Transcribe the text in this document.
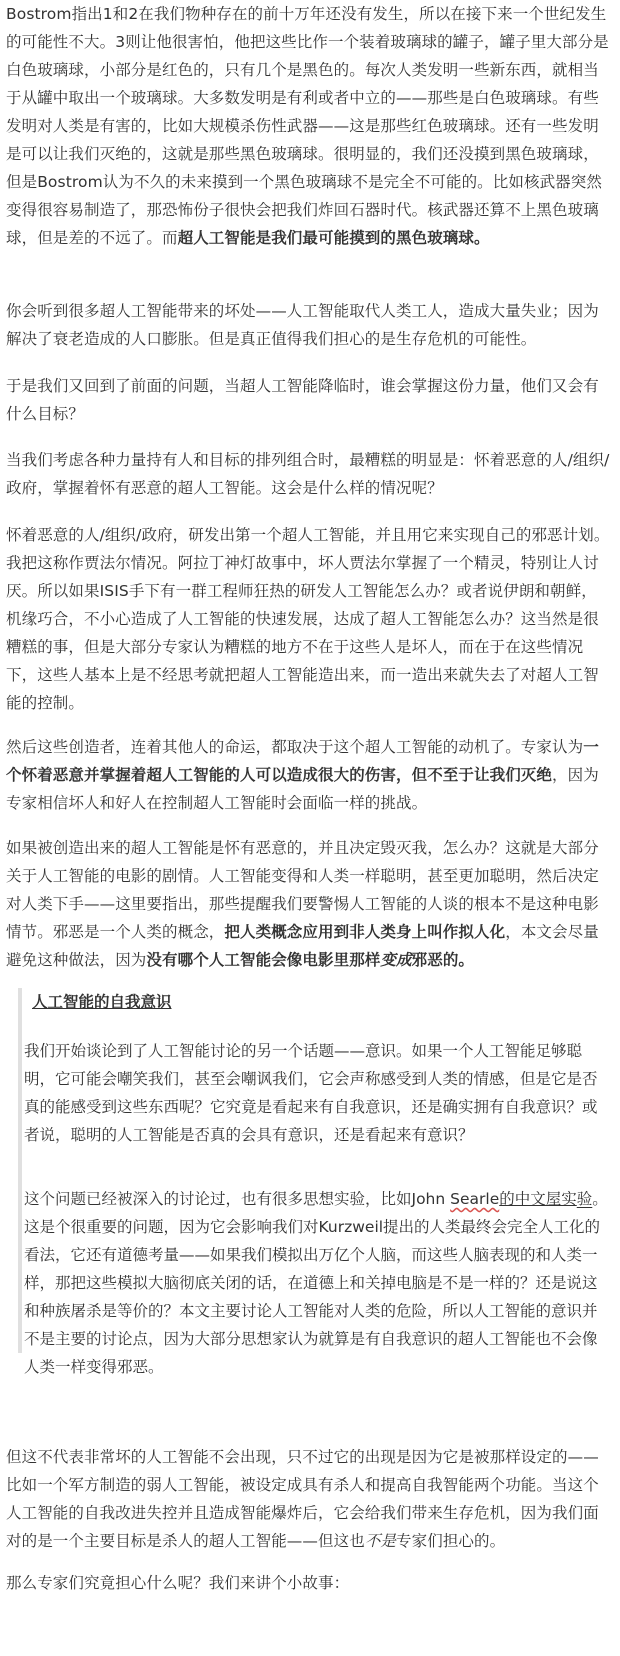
Bostrom指出1和2在我们物种存在的前十万年还没有发生，所以在接下来一个世纪发生的可能性不大。3则让他很害怕，他把这些比作一个装着玻璃球的罐子，罐子里大部分是白色玻璃球，小部分是红色的，只有几个是黑色的。每次人类发明一些新东西，就相当于从罐中取出一个玻璃球。大多数发明是有利或者中立的——那些是白色玻璃球。有些发明对人类是有害的，比如大规模杀伤性武器——这是那些红色玻璃球。还有一些发明是可以让我们灭绝的，这就是那些黑色玻璃球。很明显的，我们还没摸到黑色玻璃球，但是Bostrom认为不久的未来摸到一个黑色玻璃球不是完全不可能的。比如核武器突然变得很容易制造了，那恐怖份子很快会把我们炸回石器时代。核武器还算不上黑色玻璃球，但是差的不远了。而超人工智能是我们最可能摸到的黑色玻璃球。

你会听到很多超人工智能带来的坏处——人工智能取代人类工人，造成大量失业；因为解决了衰老造成的人口膨胀。但是真正值得我们担心的是生存危机的可能性。

于是我们又回到了前面的问题，当超人工智能降临时，谁会掌握这份力量，他们又会有什么目标？

当我们考虑各种力量持有人和目标的排列组合时，最糟糕的明显是：怀着恶意的人/组织/政府，掌握着怀有恶意的超人工智能。这会是什么样的情况呢？

怀着恶意的人/组织/政府，研发出第一个超人工智能，并且用它来实现自己的邪恶计划。我把这称作贾法尔情况。阿拉丁神灯故事中，坏人贾法尔掌握了一个精灵，特别让人讨厌。所以如果ISIS手下有一群工程师狂热的研发人工智能怎么办？或者说伊朗和朝鲜，机缘巧合，不小心造成了人工智能的快速发展，达成了超人工智能怎么办？这当然是很糟糕的事，但是大部分专家认为糟糕的地方不在于这些人是坏人，而在于在这些情况下，这些人基本上是不经思考就把超人工智能造出来，而一造出来就失去了对超人工智能的控制。

然后这些创造者，连着其他人的命运，都取决于这个超人工智能的动机了。专家认为一个怀着恶意并掌握着超人工智能的人可以造成很大的伤害，但不至于让我们灭绝，因为专家相信坏人和好人在控制超人工智能时会面临一样的挑战。

如果被创造出来的超人工智能是怀有恶意的，并且决定毁灭我，怎么办？这就是大部分关于人工智能的电影的剧情。人工智能变得和人类一样聪明，甚至更加聪明，然后决定对人类下手——这里要指出，那些提醒我们要警惕人工智能的人谈的根本不是这种电影情节。邪恶是一个人类的概念，把人类概念应用到非人类身上叫作拟人化，本文会尽量避免这种做法，因为没有哪个人工智能会像电影里那样变成邪恶的。

人工智能的自我意识

我们开始谈论到了人工智能讨论的另一个话题——意识。如果一个人工智能足够聪明，它可能会嘲笑我们，甚至会嘲讽我们，它会声称感受到人类的情感，但是它是否真的能感受到这些东西呢？它究竟是看起来有自我意识，还是确实拥有自我意识？或者说，聪明的人工智能是否真的会具有意识，还是看起来有意识？

这个问题已经被深入的讨论过，也有很多思想实验，比如John Searle的中文屋实验。这是个很重要的问题，因为它会影响我们对Kurzweil提出的人类最终会完全人工化的看法，它还有道德考量——如果我们模拟出万亿个人脑，而这些人脑表现的和人类一样，那把这些模拟大脑彻底关闭的话，在道德上和关掉电脑是不是一样的？还是说这和种族屠杀是等价的？本文主要讨论人工智能对人类的危险，所以人工智能的意识并不是主要的讨论点，因为大部分思想家认为就算是有自我意识的超人工智能也不会像人类一样变得邪恶。

但这不代表非常坏的人工智能不会出现，只不过它的出现是因为它是被那样设定的——比如一个军方制造的弱人工智能，被设定成具有杀人和提高自我智能两个功能。当这个人工智能的自我改进失控并且造成智能爆炸后，它会给我们带来生存危机，因为我们面对的是一个主要目标是杀人的超人工智能——但这也不是专家们担心的。

那么专家们究竟担心什么呢？我们来讲个小故事：
